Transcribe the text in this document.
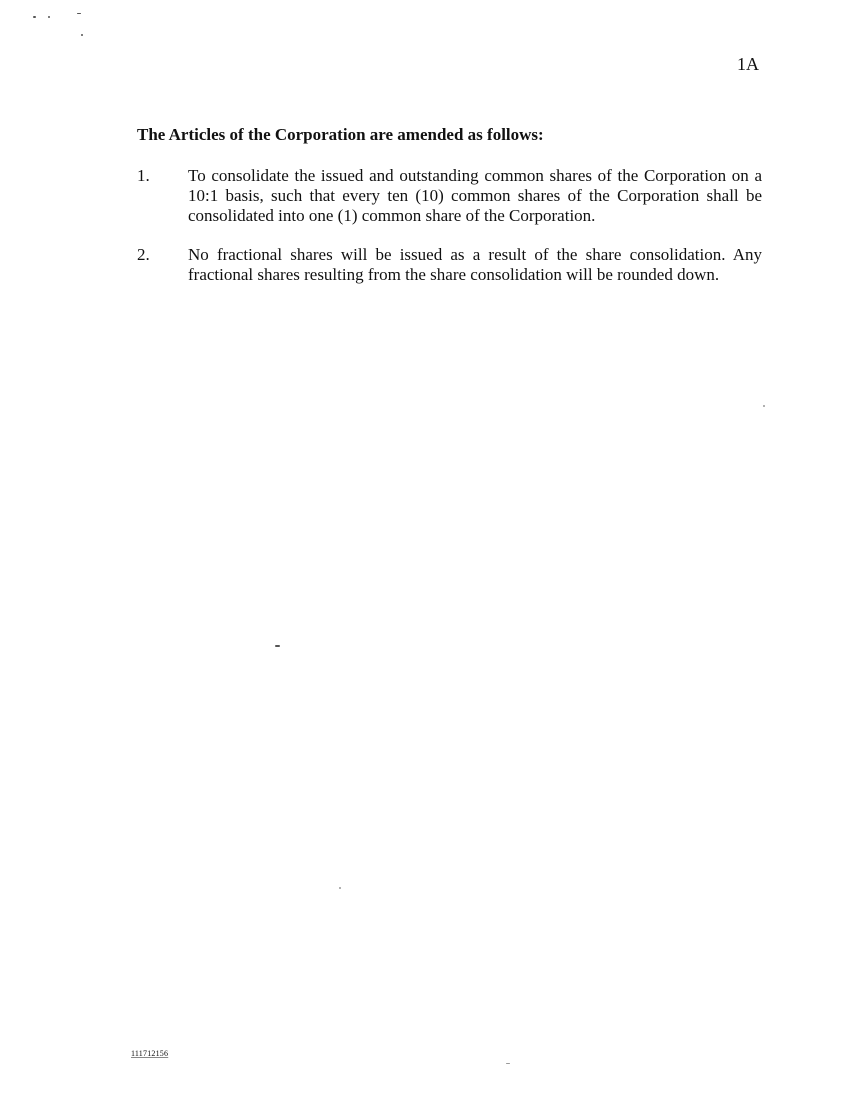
1A
The Articles of the Corporation are amended as follows:
1.	To consolidate the issued and outstanding common shares of the Corporation on a 10:1 basis, such that every ten (10) common shares of the Corporation shall be consolidated into one (1) common share of the Corporation.
2.	No fractional shares will be issued as a result of the share consolidation. Any fractional shares resulting from the share consolidation will be rounded down.
111712156
